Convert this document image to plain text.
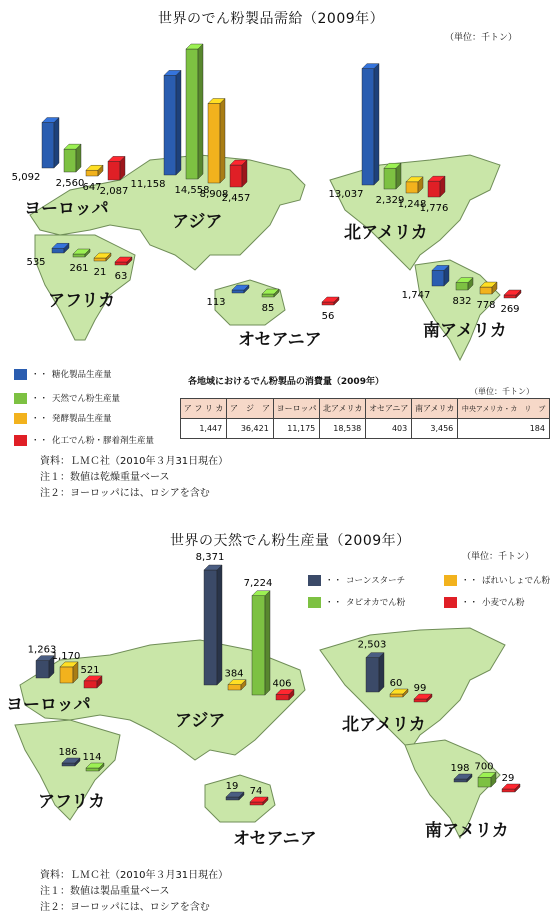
世界のでん粉製品需給（2009年）
（単位：千トン）
5,092
2,560
647
2,087
11,158
14,558
8,908
2,457	13,037
2,329
1,248
1,776
535
261 21 63
113
85
56
1,747
832 778 269
ヨーロッパ
アジア
北アメリカ
アフリカ
オセアニア	南アメリカ
・・ 糖化製品生産量
・・ 天然でん粉生産量
・・ 発酵製品生産量
・・ 化工でん粉・膠着剤生産量
各地域におけるでん粉製品の消費量（2009年）
（単位：千トン）
ア フ リ カ	ア　ジ　ア	ヨーロッパ	北アメリカ	オセアニア	南アメリカ	中央アメリカ・カ　リ　ブ
1,447	36,421	11,175	18,538	403	3,456	184
資料：ＬＭＣ社（2010年３月31日現在）
注１：数値は乾燥重量ベース
注２：ヨーロッパには、ロシアを含む
世界の天然でん粉生産量（2009年）
（単位：千トン）
・・ コーンスターチ
・・ タピオカでん粉
・・ ばれいしょでん粉
・・ 小麦でん粉
1,263
1,170
521
8,371
384
7,224
406
2,503
60 99
186 114
19 74
198 700
29
ヨーロッパ
アジア	北アメリカ
アフリカ
オセアニア	南アメリカ
資料：ＬＭＣ社（2010年３月31日現在）
注１：数値は製品重量ベース
注２：ヨーロッパには、ロシアを含む
